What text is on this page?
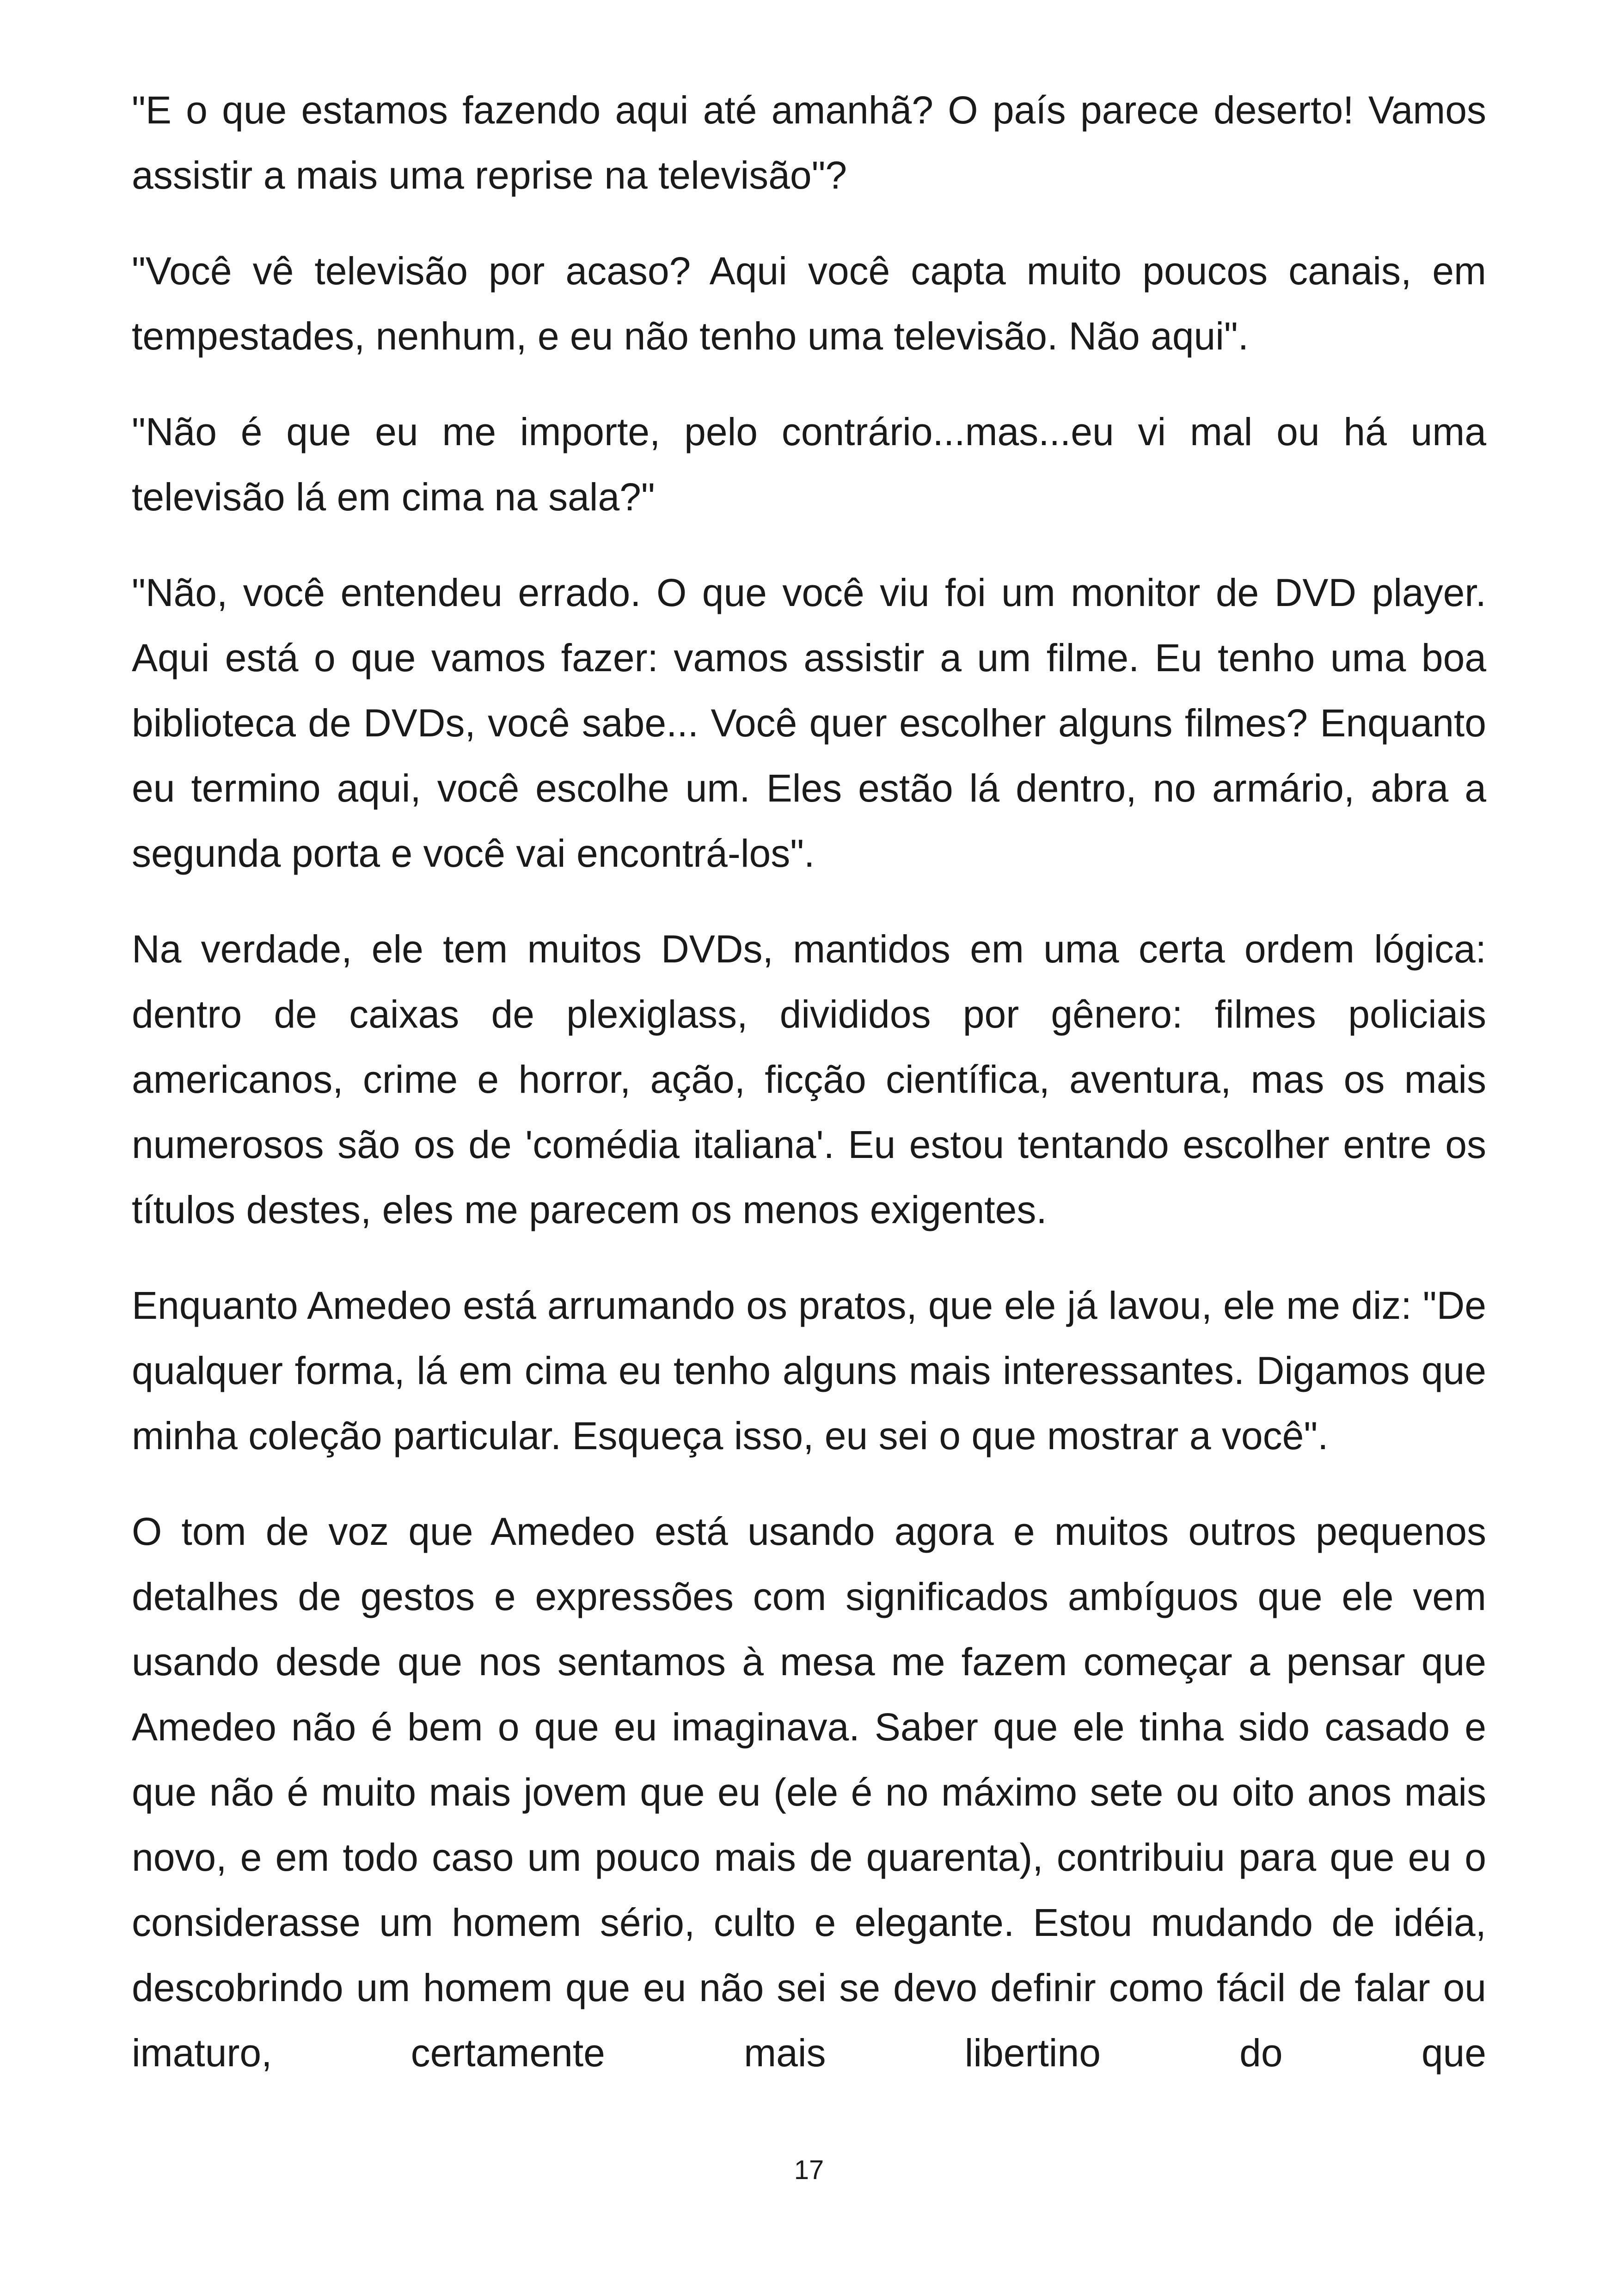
"E o que estamos fazendo aqui até amanhã? O país parece deserto! Vamos assistir a mais uma reprise na televisão"?

"Você vê televisão por acaso? Aqui você capta muito poucos canais, em tempestades, nenhum, e eu não tenho uma televisão. Não aqui".

"Não é que eu me importe, pelo contrário...mas...eu vi mal ou há uma televisão lá em cima na sala?"

"Não, você entendeu errado. O que você viu foi um monitor de DVD player. Aqui está o que vamos fazer: vamos assistir a um filme. Eu tenho uma boa biblioteca de DVDs, você sabe... Você quer escolher alguns filmes? Enquanto eu termino aqui, você escolhe um. Eles estão lá dentro, no armário, abra a segunda porta e você vai encontrá-los".

Na verdade, ele tem muitos DVDs, mantidos em uma certa ordem lógica: dentro de caixas de plexiglass, divididos por gênero: filmes policiais americanos, crime e horror, ação, ficção científica, aventura, mas os mais numerosos são os de 'comédia italiana'. Eu estou tentando escolher entre os títulos destes, eles me parecem os menos exigentes.

Enquanto Amedeo está arrumando os pratos, que ele já lavou, ele me diz: "De qualquer forma, lá em cima eu tenho alguns mais interessantes. Digamos que minha coleção particular. Esqueça isso, eu sei o que mostrar a você".

O tom de voz que Amedeo está usando agora e muitos outros pequenos detalhes de gestos e expressões com significados ambíguos que ele vem usando desde que nos sentamos à mesa me fazem começar a pensar que Amedeo não é bem o que eu imaginava. Saber que ele tinha sido casado e que não é muito mais jovem que eu (ele é no máximo sete ou oito anos mais novo, e em todo caso um pouco mais de quarenta), contribuiu para que eu o considerasse um homem sério, culto e elegante. Estou mudando de idéia, descobrindo um homem que eu não sei se devo definir como fácil de falar ou imaturo, certamente mais libertino do que

17
